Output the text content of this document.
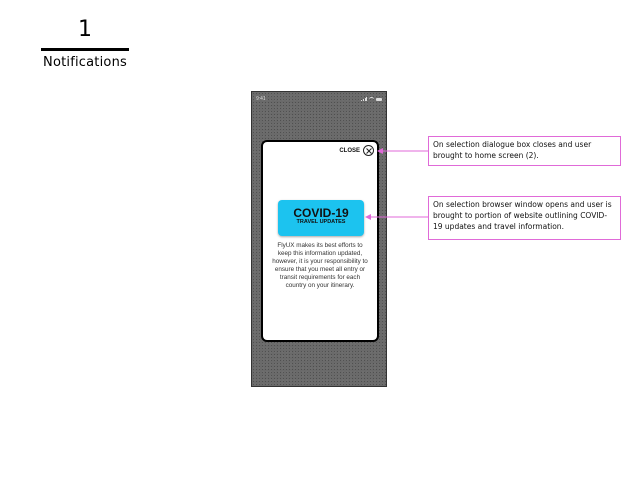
1
Notifications
9:41
CLOSE
COVID-19
TRAVEL UPDATES
FlyUX makes its best efforts to keep this information updated, however, it is your responsibility to ensure that you meet all entry or transit requirements for each country on your itinerary.
On selection dialogue box closes and user brought to home screen (2).
On selection browser window opens and user is brought to portion of website outlining COVID-19 updates and travel information.
